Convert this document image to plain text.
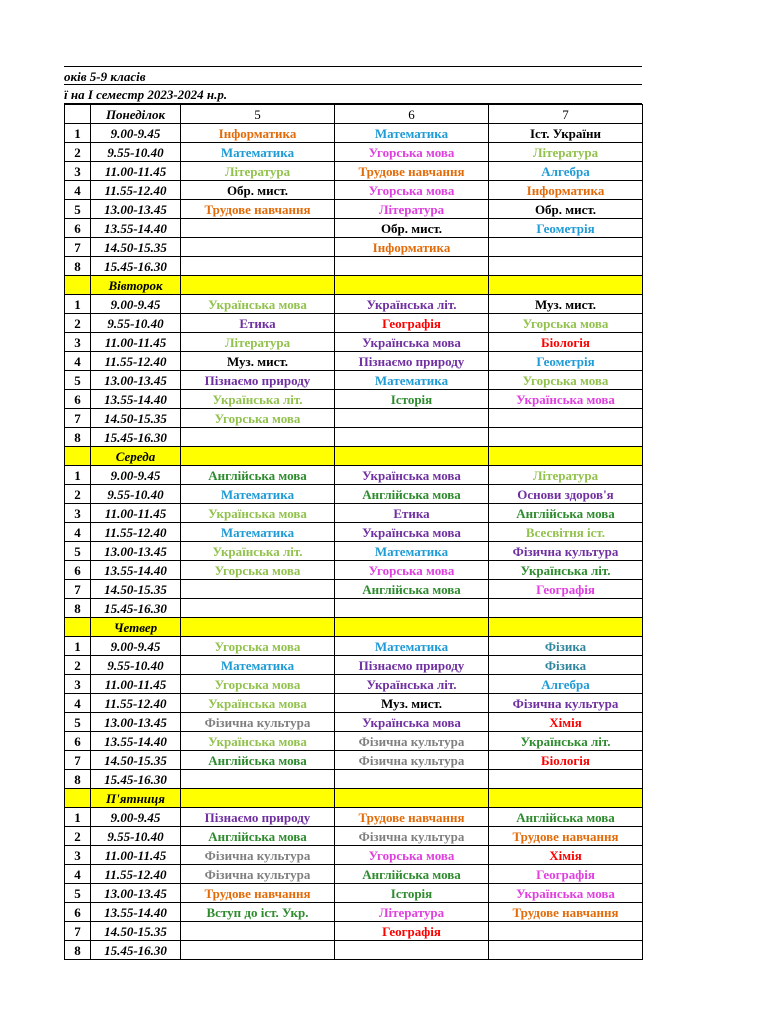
оків 5-9 класів
ї на І семестр 2023-2024 н.р.
	Понеділок	5	6	7
1	9.00-9.45	Інформатика	Математика	Іст. України
2	9.55-10.40	Математика	Угорська мова	Література
3	11.00-11.45	Література	Трудове навчання	Алгебра
4	11.55-12.40	Обр. мист.	Угорська мова	Інформатика
5	13.00-13.45	Трудове навчання	Література	Обр. мист.
6	13.55-14.40		Обр. мист.	Геометрія
7	14.50-15.35		Інформатика	
8	15.45-16.30			
	Вівторок			
1	9.00-9.45	Українська мова	Українська літ.	Муз. мист.
2	9.55-10.40	Етика	Географія	Угорська мова
3	11.00-11.45	Література	Українська мова	Біологія
4	11.55-12.40	Муз. мист.	Пізнаємо природу	Геометрія
5	13.00-13.45	Пізнаємо природу	Математика	Угорська мова
6	13.55-14.40	Українська літ.	Історія	Українська мова
7	14.50-15.35	Угорська мова		
8	15.45-16.30			
	Середа			
1	9.00-9.45	Англійська мова	Українська мова	Література
2	9.55-10.40	Математика	Англійська мова	Основи здоров'я
3	11.00-11.45	Українська мова	Етика	Англійська мова
4	11.55-12.40	Математика	Українська мова	Всесвітня іст.
5	13.00-13.45	Українська літ.	Математика	Фізична культура
6	13.55-14.40	Угорська мова	Угорська мова	Українська літ.
7	14.50-15.35		Англійська мова	Географія
8	15.45-16.30			
	Четвер			
1	9.00-9.45	Угорська мова	Математика	Фізика
2	9.55-10.40	Математика	Пізнаємо природу	Фізика
3	11.00-11.45	Угорська мова	Українська літ.	Алгебра
4	11.55-12.40	Українська мова	Муз. мист.	Фізична культура
5	13.00-13.45	Фізична культура	Українська мова	Хімія
6	13.55-14.40	Українська мова	Фізична культура	Українська літ.
7	14.50-15.35	Англійська мова	Фізична культура	Біологія
8	15.45-16.30			
	П'ятниця			
1	9.00-9.45	Пізнаємо природу	Трудове навчання	Англійська мова
2	9.55-10.40	Англійська мова	Фізична культура	Трудове навчання
3	11.00-11.45	Фізична культура	Угорська мова	Хімія
4	11.55-12.40	Фізична культура	Англійська мова	Географія
5	13.00-13.45	Трудове навчання	Історія	Українська мова
6	13.55-14.40	Вступ до іст. Укр.	Література	Трудове навчання
7	14.50-15.35		Географія	
8	15.45-16.30			
